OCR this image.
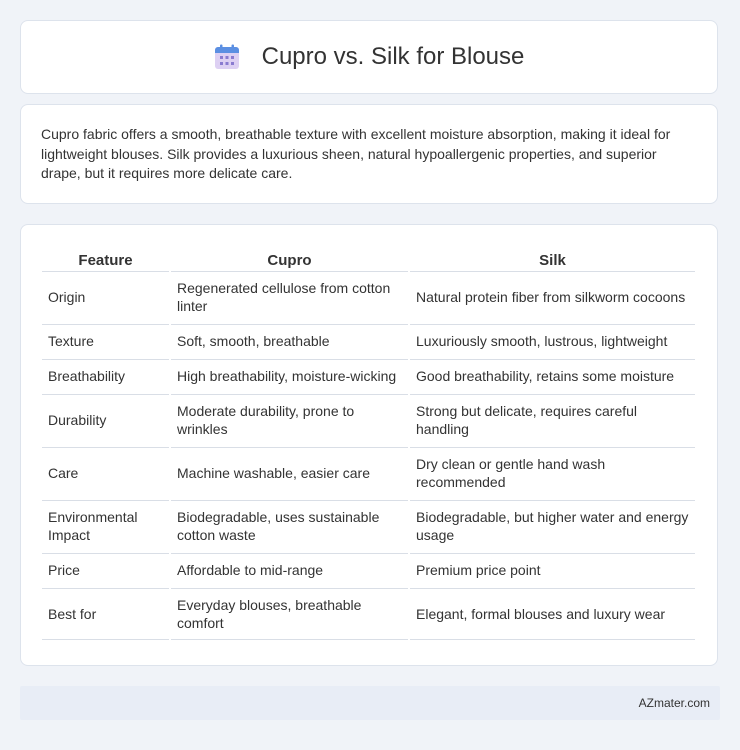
Cupro vs. Silk for Blouse

Cupro fabric offers a smooth, breathable texture with excellent moisture absorption, making it ideal for lightweight blouses. Silk provides a luxurious sheen, natural hypoallergenic properties, and superior drape, but it requires more delicate care.

Feature	Cupro	Silk
Origin	Regenerated cellulose from cotton linter	Natural protein fiber from silkworm cocoons
Texture	Soft, smooth, breathable	Luxuriously smooth, lustrous, lightweight
Breathability	High breathability, moisture-wicking	Good breathability, retains some moisture
Durability	Moderate durability, prone to wrinkles	Strong but delicate, requires careful handling
Care	Machine washable, easier care	Dry clean or gentle hand wash recommended
Environmental Impact	Biodegradable, uses sustainable cotton waste	Biodegradable, but higher water and energy usage
Price	Affordable to mid-range	Premium price point
Best for	Everyday blouses, breathable comfort	Elegant, formal blouses and luxury wear
AZmater.com
